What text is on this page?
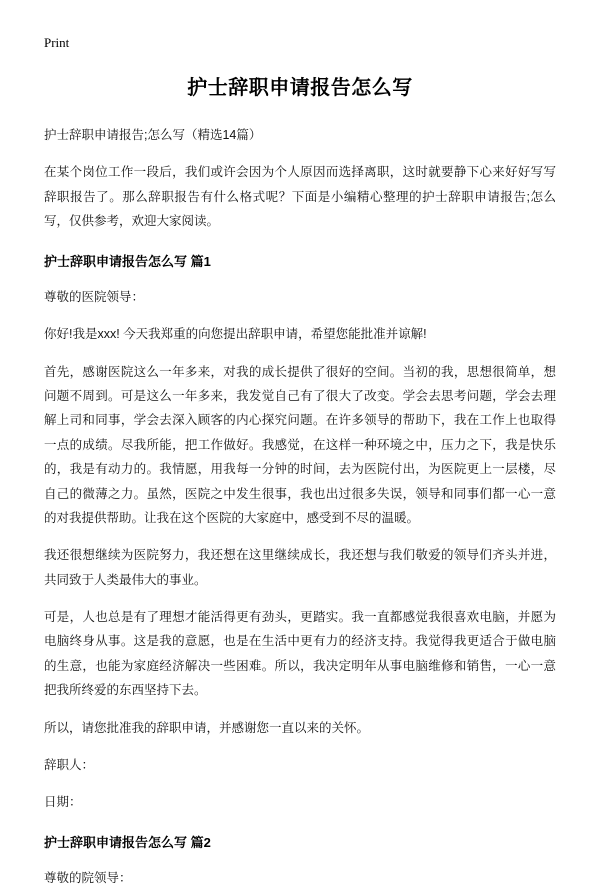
Print
护士辞职申请报告怎么写

护士辞职申请报告;怎么写（精选14篇）

在某个岗位工作一段后，我们或许会因为个人原因而选择离职，这时就要静下心来好好写写辞职报告了。那么辞职报告有什么格式呢？下面是小编精心整理的护士辞职申请报告;怎么写，仅供参考，欢迎大家阅读。

护士辞职申请报告怎么写 篇1

尊敬的医院领导：

你好!我是xxx! 今天我郑重的向您提出辞职申请，希望您能批准并谅解!

首先，感谢医院这么一年多来，对我的成长提供了很好的空间。当初的我，思想很简单，想问题不周到。可是这么一年多来，我发觉自己有了很大了改变。学会去思考问题，学会去理解上司和同事，学会去深入顾客的内心探究问题。在许多领导的帮助下，我在工作上也取得一点的成绩。尽我所能，把工作做好。我感觉，在这样一种环境之中，压力之下，我是快乐的，我是有动力的。我情愿，用我每一分钟的时间，去为医院付出，为医院更上一层楼，尽自己的微薄之力。虽然，医院之中发生很事，我也出过很多失误，领导和同事们都一心一意的对我提供帮助。让我在这个医院的大家庭中，感受到不尽的温暖。

我还很想继续为医院努力，我还想在这里继续成长，我还想与我们敬爱的领导们齐头并进，共同致于人类最伟大的事业。

可是，人也总是有了理想才能活得更有劲头，更踏实。我一直都感觉我很喜欢电脑，并愿为电脑终身从事。这是我的意愿，也是在生活中更有力的经济支持。我觉得我更适合于做电脑的生意，也能为家庭经济解决一些困难。所以，我决定明年从事电脑维修和销售，一心一意把我所终爱的东西坚持下去。

所以，请您批准我的辞职申请，并感谢您一直以来的关怀。

辞职人：

日期：

护士辞职申请报告怎么写 篇2

尊敬的院领导：
